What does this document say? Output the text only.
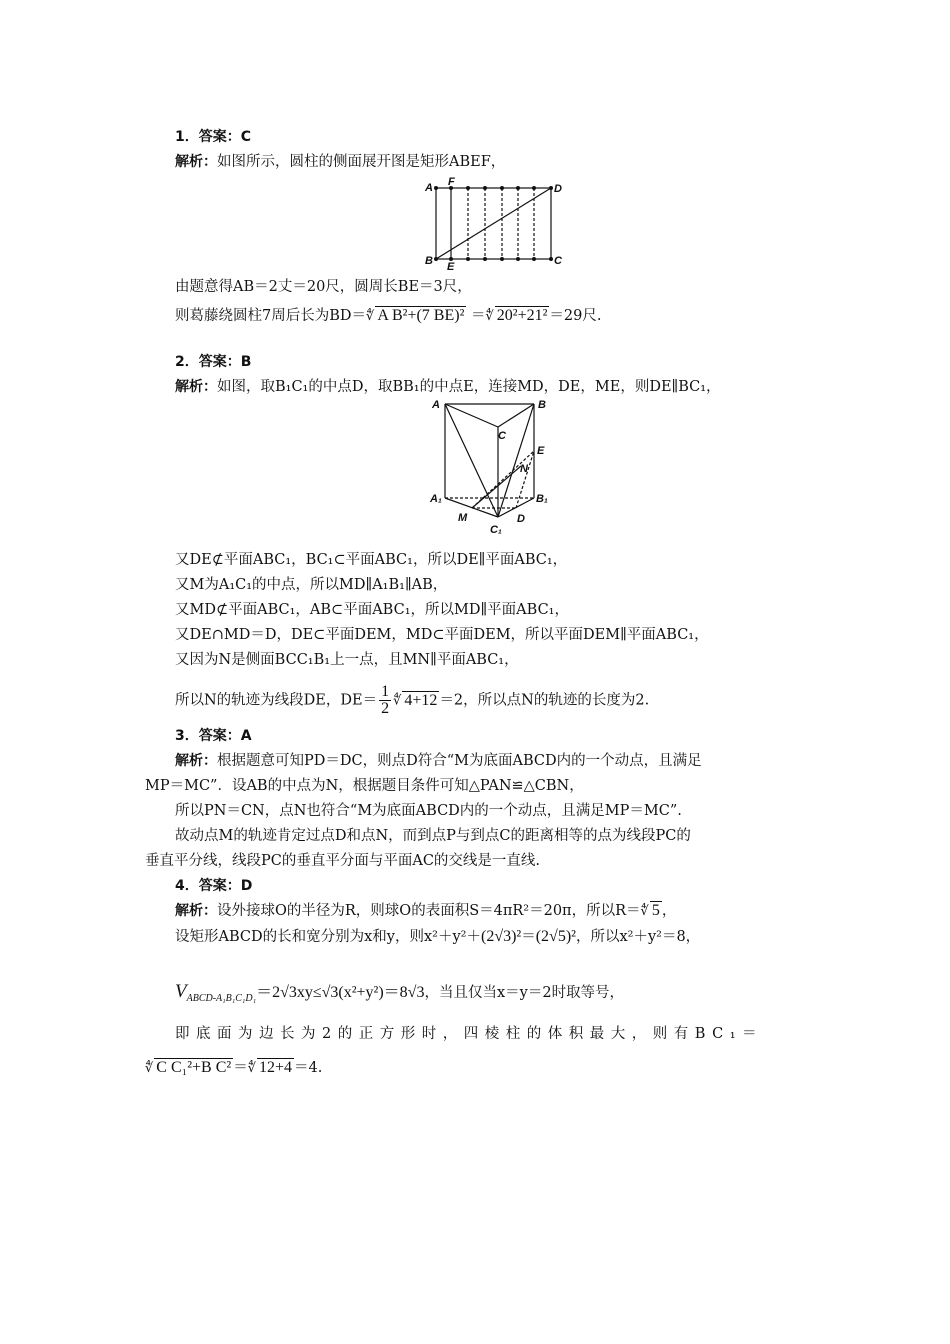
1．答案：C
解析：如图所示，圆柱的侧面展开图是矩形ABEF，
A F
D
B E	C
由题意得AB＝2丈＝20尺，圆周长BE＝3尺，
则葛藤绕圆柱7周后长为BD＝∜ A B²+(7 BE)² ＝∜ 20²+21² ＝29尺.
2．答案：B
解析：如图，取B₁C₁的中点D，取BB₁的中点E，连接MD，DE，ME，则DE∥BC₁，
A	B
C
E
N
A₁	B₁
M	D
C₁
又DE⊄平面ABC₁，BC₁⊂平面ABC₁，所以DE∥平面ABC₁，
又M为A₁C₁的中点，所以MD∥A₁B₁∥AB，
又MD⊄平面ABC₁，AB⊂平面ABC₁，所以MD∥平面ABC₁，
又DE∩MD＝D，DE⊂平面DEM，MD⊂平面DEM，所以平面DEM∥平面ABC₁，
又因为N是侧面BCC₁B₁上一点，且MN∥平面ABC₁，
所以N的轨迹为线段DE，$DE= \frac{1}{2}$ ∜ 4+12 ＝2，所以点N的轨迹的长度为2.
3．答案：A
解析：根据题意可知PD＝DC，则点D符合“M为底面ABCD内的一个动点，且满足
MP＝MC”．设AB的中点为N，根据题目条件可知△PAN≌△CBN，
所以PN＝CN，点N也符合“M为底面ABCD内的一个动点，且满足MP＝MC”.
故动点M的轨迹肯定过点D和点N，而到点P与到点C的距离相等的点为线段PC的
垂直平分线，线段PC的垂直平分面与平面AC的交线是一直线.
4．答案：D
解析：设外接球O的半径为R，则球O的表面积S＝4πR²＝20π，所以R＝∜ 5 ，
设矩形ABCD的长和宽分别为x和y，则x²＋y²＋(2√3)²＝(2√5)²，所以x²＋y²＝8，
$V_{ABCD-A_1B_1C_1D_1}=2√3xy\le√3(x^2+y^2)=8√3$，当且仅当x＝y＝2时取等号，
即底面为边长为2的正方形时，四棱柱的体积最大，则有BC₁＝
∜ C C₁²+B C² ＝∜ 12+4 ＝4.
